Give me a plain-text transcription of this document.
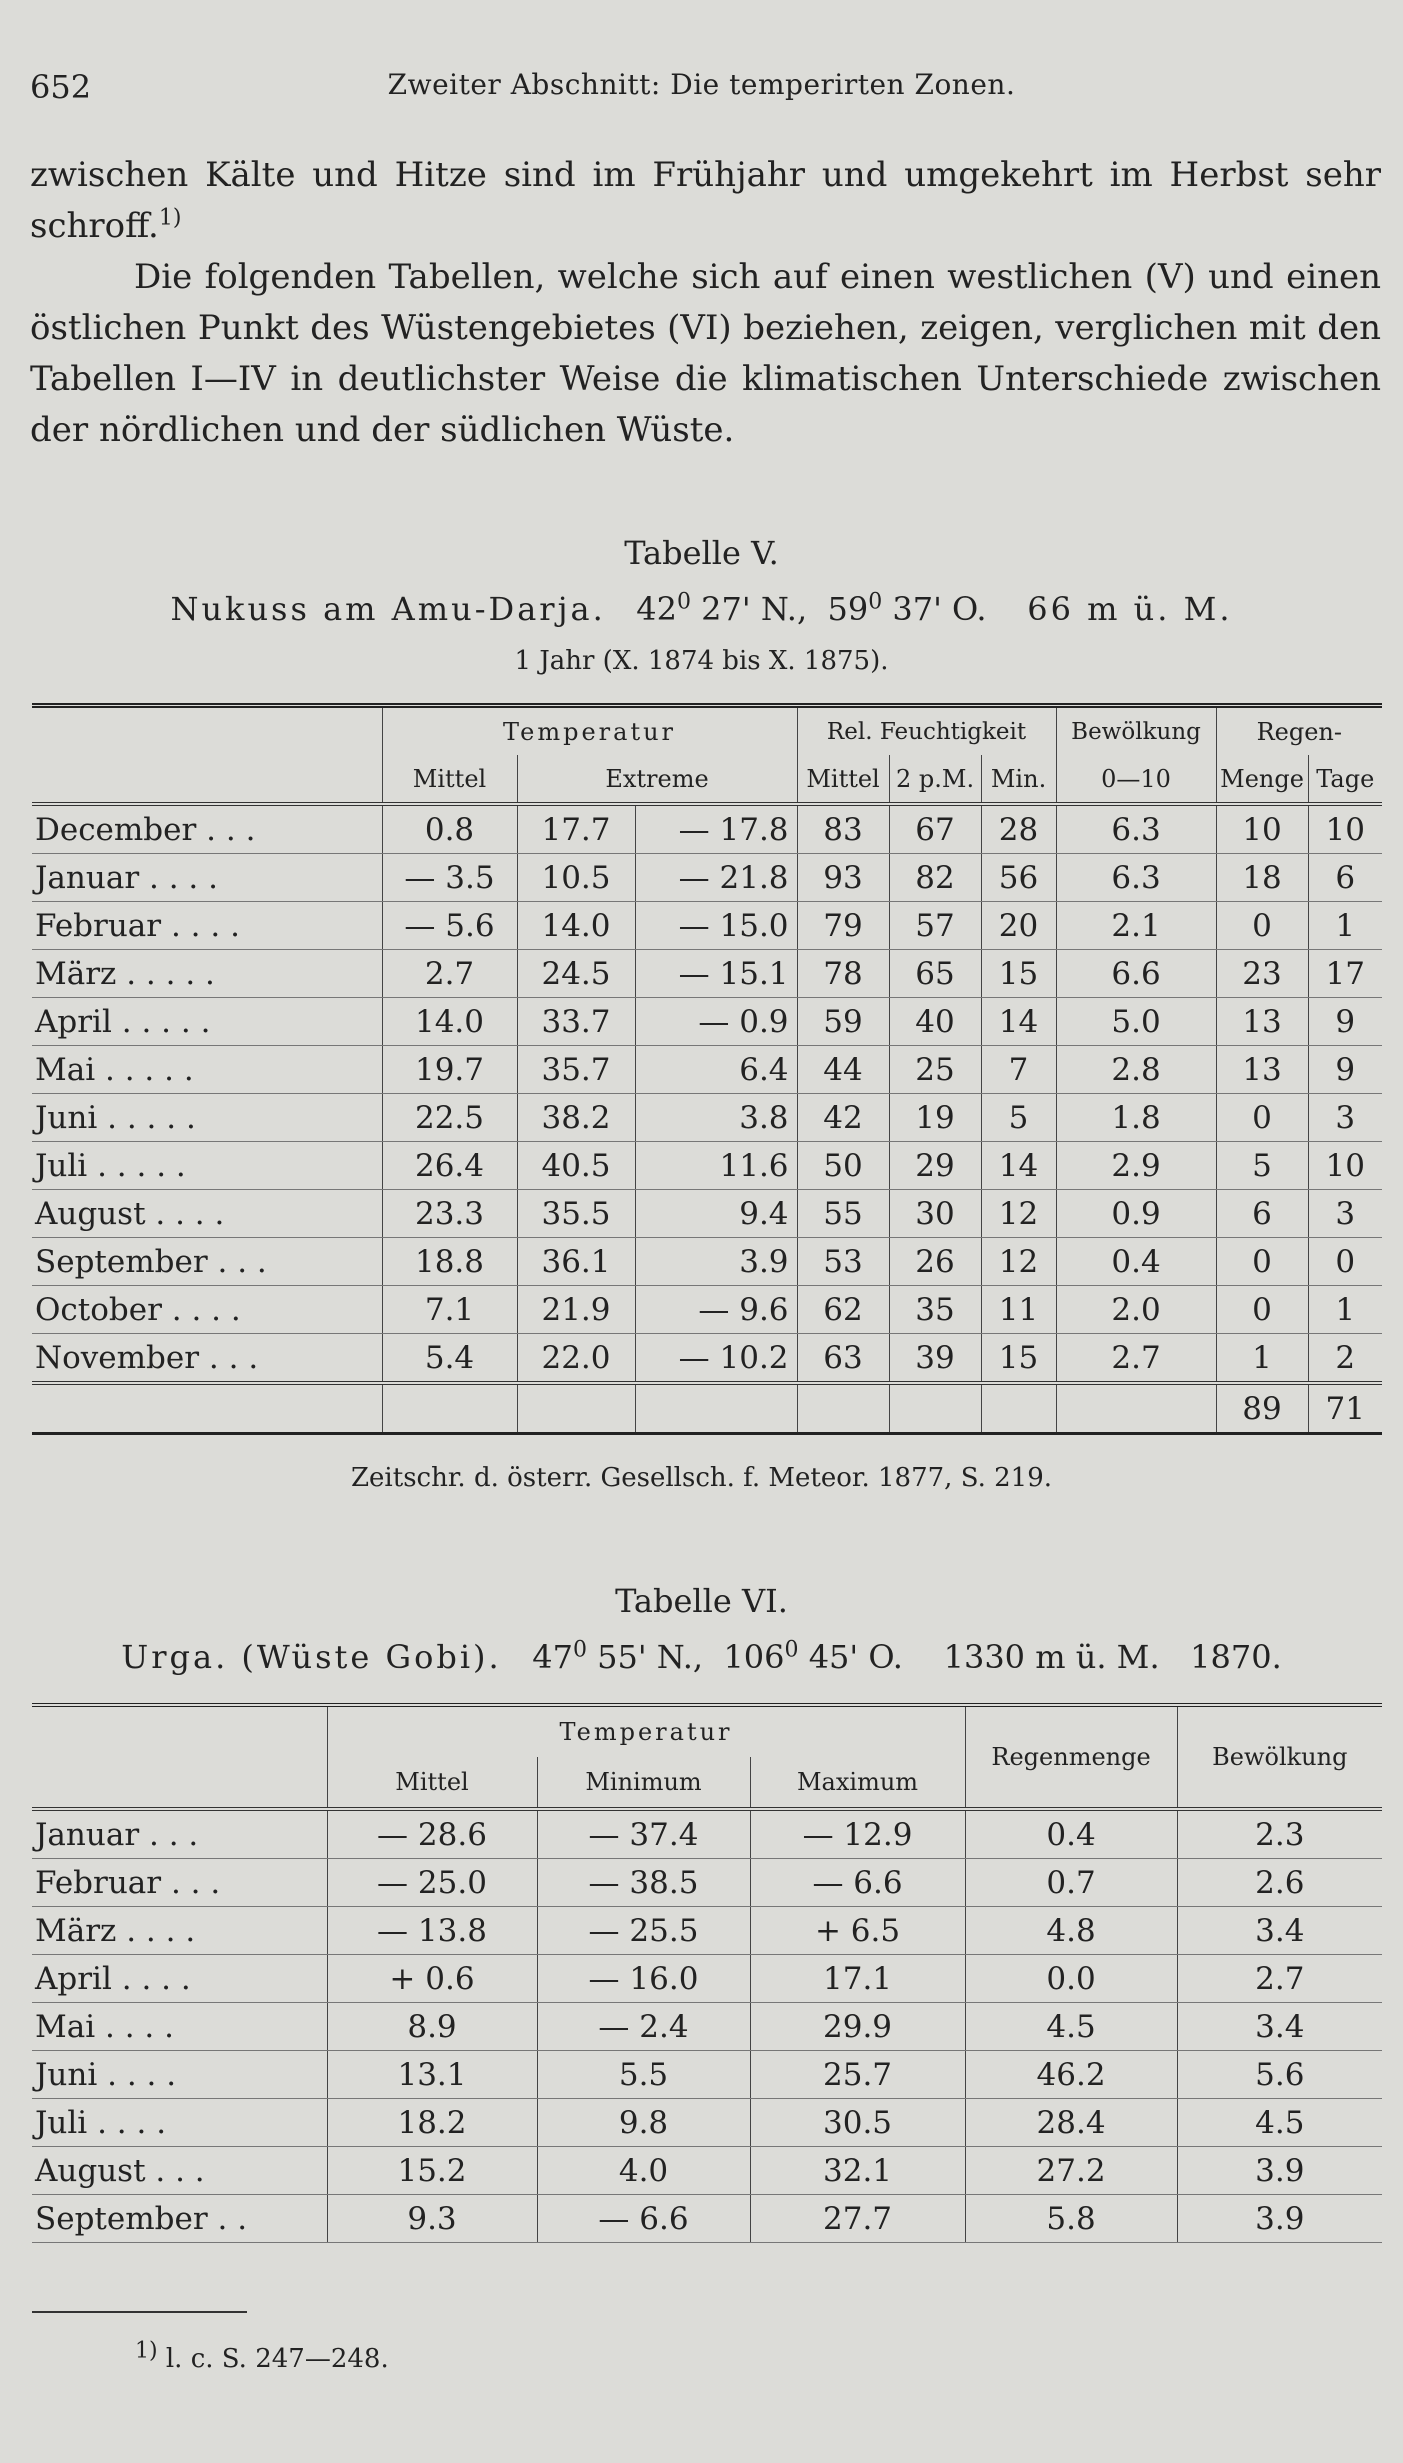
652	Zweiter Abschnitt: Die temperirten Zonen.

zwischen Kälte und Hitze sind im Frühjahr und umgekehrt im Herbst sehr schroff.$^{1)}$

Die folgenden Tabellen, welche sich auf einen westlichen (V) und einen östlichen Punkt des Wüstengebietes (VI) beziehen, zeigen, verglichen mit den Tabellen I—IV in deutlichster Weise die klimatischen Unterschiede zwischen der nördlichen und der südlichen Wüste.

Tabelle V.
Nukuss am Amu-Darja. $42^0$ 27' N., $59^0$ 37' O. 66 m ü. M.
1 Jahr (X. 1874 bis X. 1875).
	Temperatur			Rel. Feuchtigkeit			Bewölkung	Regen-	
	Mittel	Extreme		Mittel	2 p.M.	Min.	0—10	Menge	Tage
December . . .	0.8	17.7	— 17.8	83	67	28	6.3	10	10
Januar . . . .	— 3.5	10.5	— 21.8	93	82	56	6.3	18	6
Februar . . . .	— 5.6	14.0	— 15.0	79	57	20	2.1	0	1
März . . . . .	2.7	24.5	— 15.1	78	65	15	6.6	23	17
April . . . . .	14.0	33.7	— 0.9	59	40	14	5.0	13	9
Mai . . . . .	19.7	35.7	6.4	44	25	7	2.8	13	9
Juni . . . . .	22.5	38.2	3.8	42	19	5	1.8	0	3
Juli . . . . .	26.4	40.5	11.6	50	29	14	2.9	5	10
August . . . .	23.3	35.5	9.4	55	30	12	0.9	6	3
September . . .	18.8	36.1	3.9	53	26	12	0.4	0	0
October . . . .	7.1	21.9	— 9.6	62	35	11	2.0	0	1
November . . .	5.4	22.0	— 10.2	63	39	15	2.7	1	2
								89	71
Zeitschr. d. österr. Gesellsch. f. Meteor. 1877, S. 219.
Tabelle VI.
Urga. (Wüste Gobi). $47^0$ 55' N., $106^0$ 45' O. 1330 m ü. M. 1870.
	Temperatur			Regenmenge	Bewölkung
	Mittel	Minimum	Maximum		
Januar . . .	— 28.6	— 37.4	— 12.9	0.4	2.3
Februar . . .	— 25.0	— 38.5	— 6.6	0.7	2.6
März . . . .	— 13.8	— 25.5	+ 6.5	4.8	3.4
April . . . .	+ 0.6	— 16.0	17.1	0.0	2.7
Mai . . . .	8.9	— 2.4	29.9	4.5	3.4
Juni . . . .	13.1	5.5	25.7	46.2	5.6
Juli . . . .	18.2	9.8	30.5	28.4	4.5
August . . .	15.2	4.0	32.1	27.2	3.9
September . .	9.3	— 6.6	27.7	5.8	3.9
$^{1)}$ l. c. S. 247—248.
